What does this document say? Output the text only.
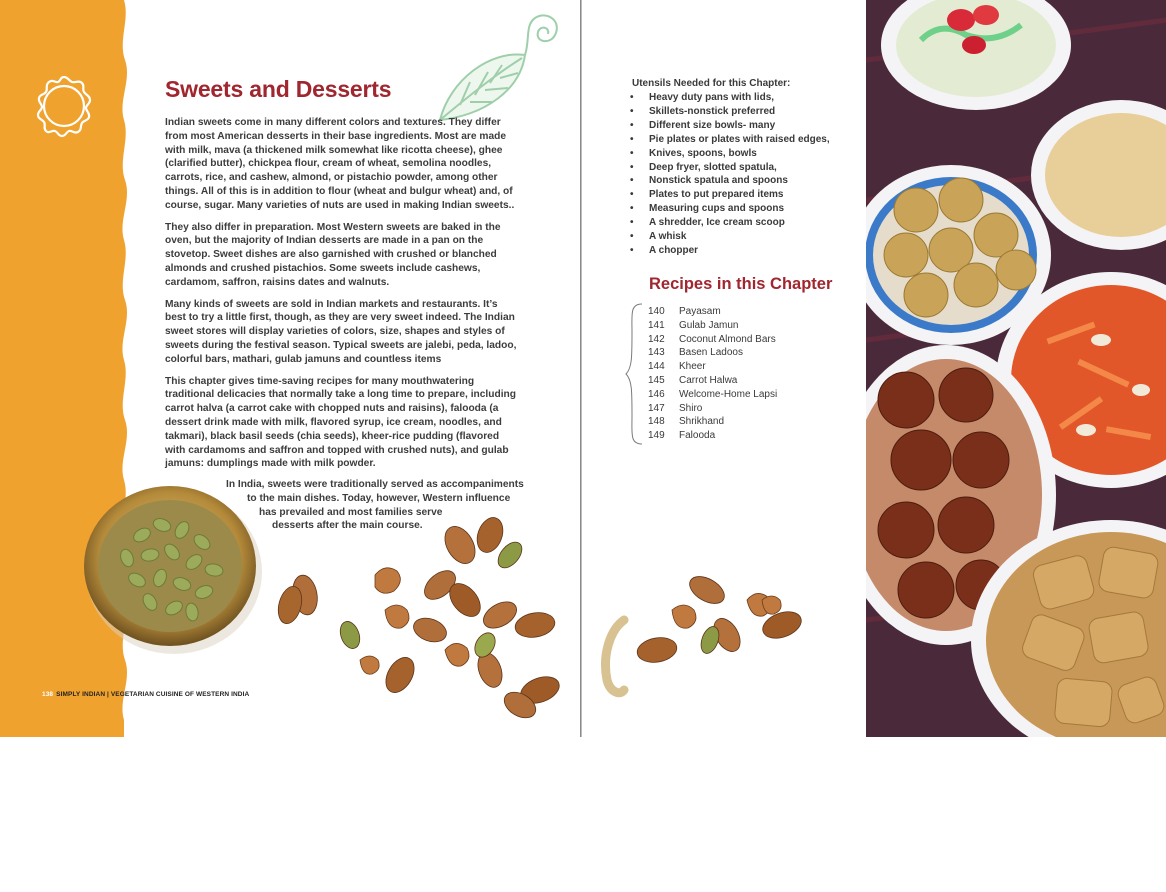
Sweets and Desserts

Indian sweets come in many different colors and textures. They differ from most American desserts in their base ingredients. Most are made with milk, mava (a thickened milk somewhat like ricotta cheese), ghee (clarified butter), chickpea flour, cream of wheat, semolina noodles, carrots, rice, and cashew, almond, or pistachio powder, among other things. All of this is in addition to flour (wheat and bulgur wheat) and, of course, sugar. Many varieties of nuts are used in making Indian sweets..

They also differ in preparation. Most Western sweets are baked in the oven, but the majority of Indian desserts are made in a pan on the stovetop. Sweet dishes are also garnished with crushed or blanched almonds and crushed pistachios. Some sweets include cashews, cardamom, saffron, raisins dates and walnuts.

Many kinds of sweets are sold in Indian markets and restaurants. It’s best to try a little first, though, as they are very sweet indeed. The Indian sweet stores will display varieties of colors, size, shapes and styles of sweets during the festival season. Typical sweets are jalebi, peda, ladoo, colorful bars, mathari, gulab jamuns and countless items

This chapter gives time-saving recipes for many mouthwatering traditional delicacies that normally take a long time to prepare, including carrot halva (a carrot cake with chopped nuts and raisins), falooda (a dessert drink made with milk, flavored syrup, ice cream, noodles, and takmari), black basil seeds (chia seeds), kheer-rice pudding (flavored with cardamoms and saffron and topped with crushed nuts), and gulab jamuns: dumplings made with milk powder.

In India, sweets were traditionally served as accompaniments
to the main dishes. Today, however, Western influence
has prevailed and most families serve
desserts after the main course.
138 SIMPLY INDIAN | VEGETARIAN CUISINE OF WESTERN INDIA
Utensils Needed for this Chapter:
• Heavy duty pans with lids,
• Skillets-nonstick preferred
• Different size bowls- many
• Pie plates or plates with raised edges,
• Knives, spoons, bowls
• Deep fryer, slotted spatula,
• Nonstick spatula and spoons
• Plates to put prepared items
• Measuring cups and spoons
• A shredder, Ice cream scoop
• A whisk
• A chopper
Recipes in this Chapter
140	Payasam
141	Gulab Jamun
142	Coconut Almond Bars
143	Basen Ladoos
144	Kheer
145	Carrot Halwa
146	Welcome-Home Lapsi
147	Shiro
148	Shrikhand
149	Falooda
